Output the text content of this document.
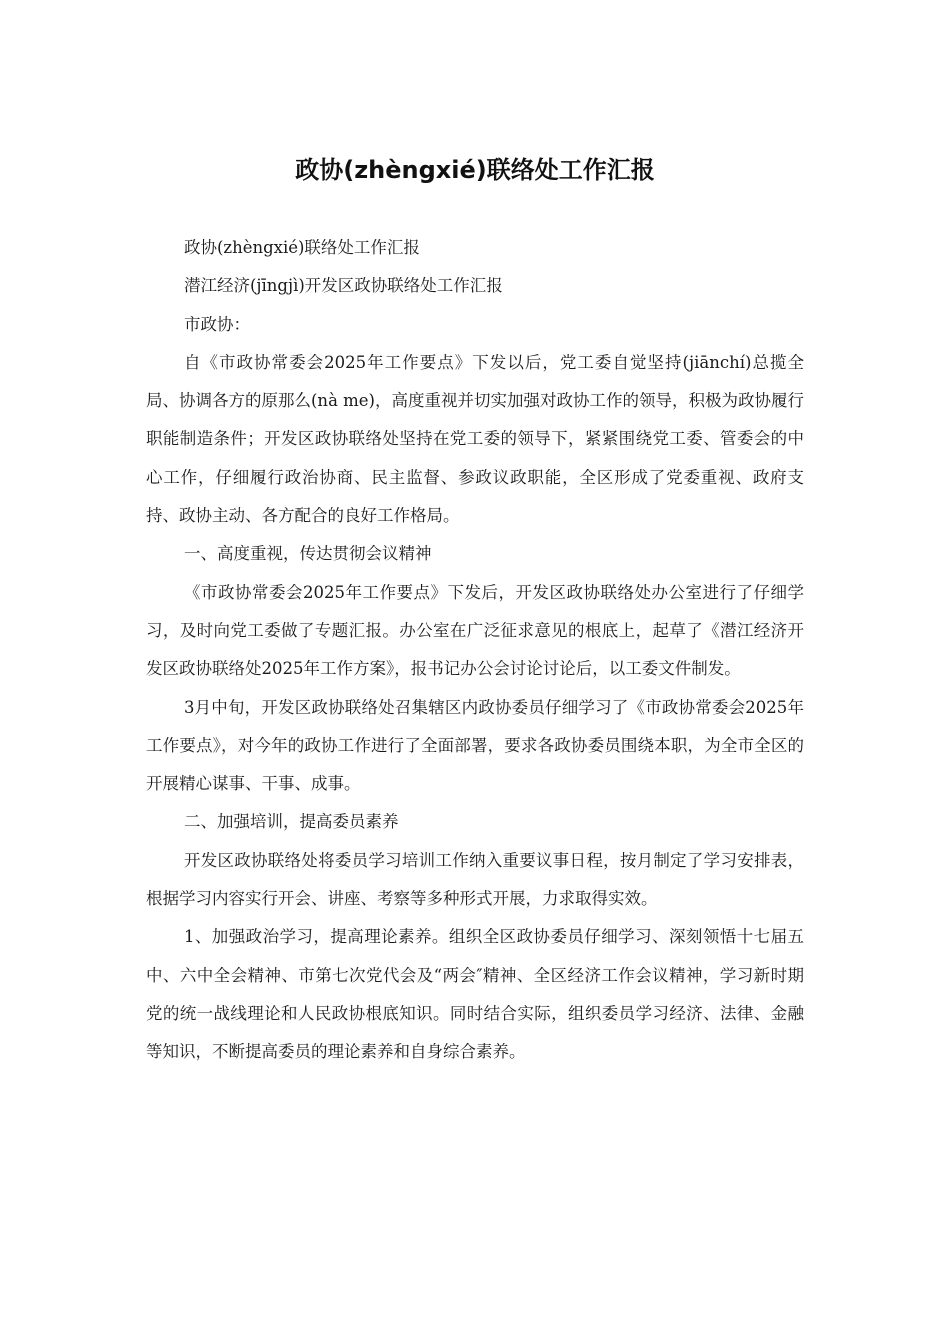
政协(zhèngxié)联络处工作汇报

政协(zhèngxié)联络处工作汇报

潜江经济(jīngjì)开发区政协联络处工作汇报

市政协：

自《市政协常委会2025年工作要点》下发以后，党工委自觉坚持(jiānchí)总揽全局、协调各方的原那么(nà me)，高度重视并切实加强对政协工作的领导，积极为政协履行职能制造条件；开发区政协联络处坚持在党工委的领导下，紧紧围绕党工委、管委会的中心工作，仔细履行政治协商、民主监督、参政议政职能，全区形成了党委重视、政府支持、政协主动、各方配合的良好工作格局。

一、高度重视，传达贯彻会议精神

《市政协常委会2025年工作要点》下发后，开发区政协联络处办公室进行了仔细学习，及时向党工委做了专题汇报。办公室在广泛征求意见的根底上，起草了《潜江经济开发区政协联络处2025年工作方案》，报书记办公会讨论讨论后，以工委文件制发。

3月中旬，开发区政协联络处召集辖区内政协委员仔细学习了《市政协常委会2025年工作要点》，对今年的政协工作进行了全面部署，要求各政协委员围绕本职，为全市全区的开展精心谋事、干事、成事。

二、加强培训，提高委员素养

开发区政协联络处将委员学习培训工作纳入重要议事日程，按月制定了学习安排表，根据学习内容实行开会、讲座、考察等多种形式开展，力求取得实效。

1、加强政治学习，提高理论素养。组织全区政协委员仔细学习、深刻领悟十七届五中、六中全会精神、市第七次党代会及“两会″精神、全区经济工作会议精神，学习新时期党的统一战线理论和人民政协根底知识。同时结合实际，组织委员学习经济、法律、金融等知识，不断提高委员的理论素养和自身综合素养。
